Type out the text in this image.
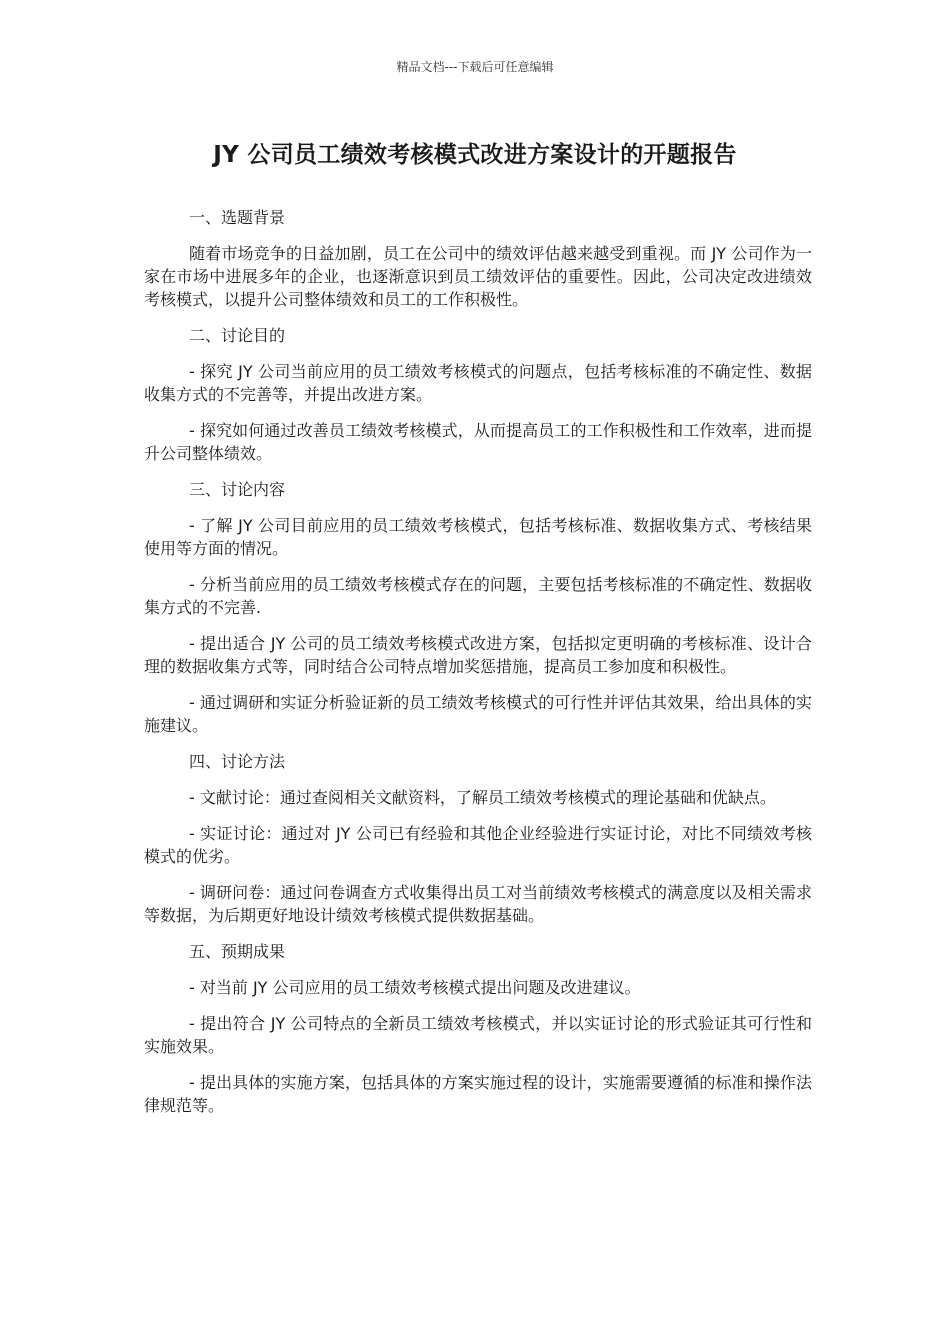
精品文档---下载后可任意编辑
JY 公司员工绩效考核模式改进方案设计的开题报告

一、选题背景

随着市场竞争的日益加剧，员工在公司中的绩效评估越来越受到重视。而 JY 公司作为一家在市场中进展多年的企业，也逐渐意识到员工绩效评估的重要性。因此，公司决定改进绩效考核模式，以提升公司整体绩效和员工的工作积极性。

二、讨论目的

- 探究 JY 公司当前应用的员工绩效考核模式的问题点，包括考核标准的不确定性、数据收集方式的不完善等，并提出改进方案。

- 探究如何通过改善员工绩效考核模式，从而提高员工的工作积极性和工作效率，进而提升公司整体绩效。

三、讨论内容

- 了解 JY 公司目前应用的员工绩效考核模式，包括考核标准、数据收集方式、考核结果使用等方面的情况。

- 分析当前应用的员工绩效考核模式存在的问题，主要包括考核标准的不确定性、数据收集方式的不完善.

- 提出适合 JY 公司的员工绩效考核模式改进方案，包括拟定更明确的考核标准、设计合理的数据收集方式等，同时结合公司特点增加奖惩措施，提高员工参加度和积极性。

- 通过调研和实证分析验证新的员工绩效考核模式的可行性并评估其效果，给出具体的实施建议。

四、讨论方法

- 文献讨论：通过查阅相关文献资料，了解员工绩效考核模式的理论基础和优缺点。

- 实证讨论：通过对 JY 公司已有经验和其他企业经验进行实证讨论，对比不同绩效考核模式的优劣。

- 调研问卷：通过问卷调查方式收集得出员工对当前绩效考核模式的满意度以及相关需求等数据，为后期更好地设计绩效考核模式提供数据基础。

五、预期成果

- 对当前 JY 公司应用的员工绩效考核模式提出问题及改进建议。

- 提出符合 JY 公司特点的全新员工绩效考核模式，并以实证讨论的形式验证其可行性和实施效果。

- 提出具体的实施方案，包括具体的方案实施过程的设计，实施需要遵循的标准和操作法律规范等。
